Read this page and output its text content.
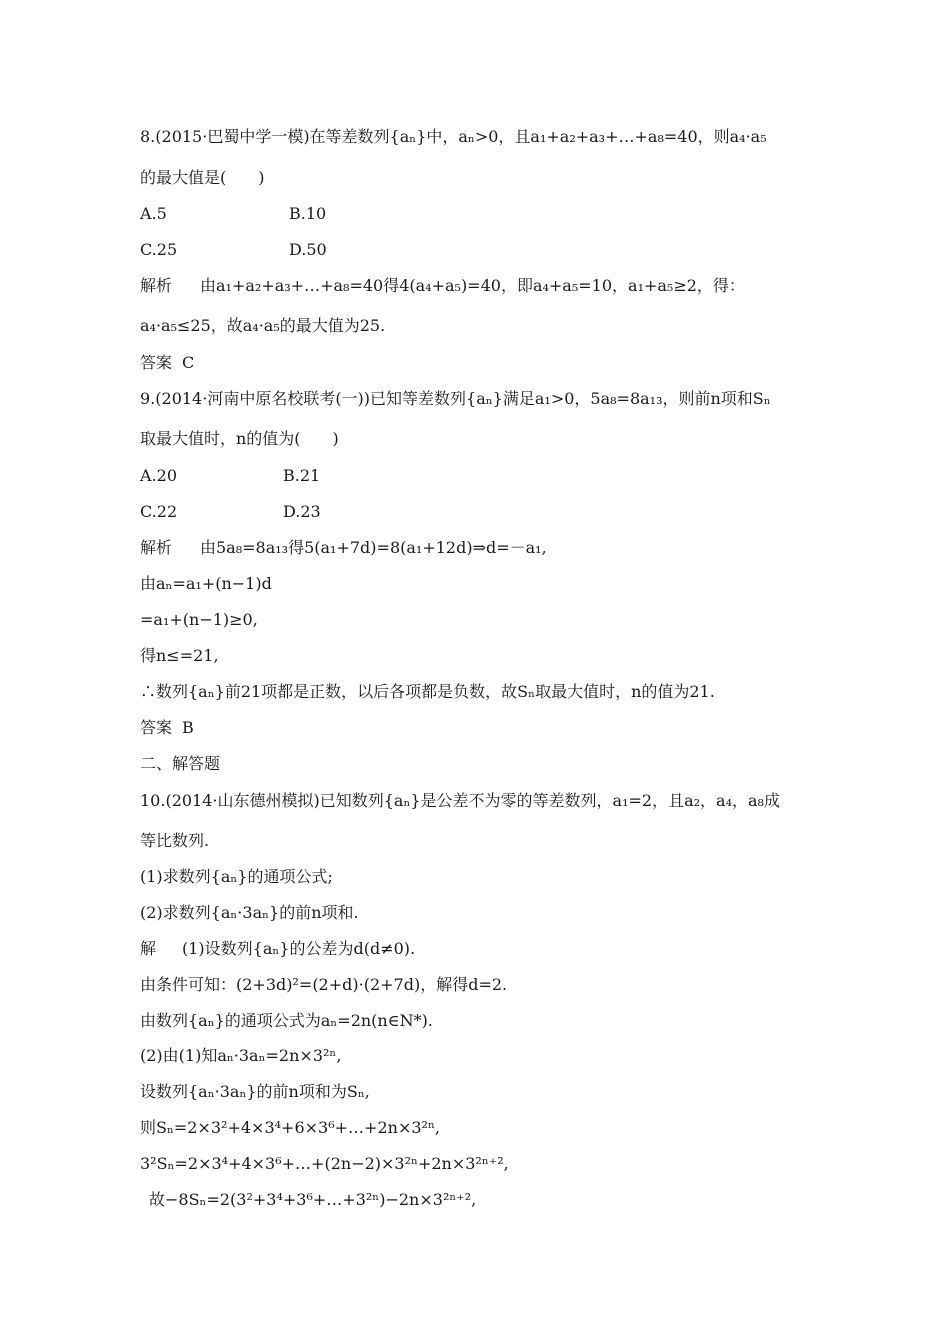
8.(2015·巴蜀中学一模)在等差数列{aₙ}中，aₙ>0，且a₁+a₂+a₃+…+a₈=40，则a₄·a₅
的最大值是(　　)
A.5	B.10
C.25	D.50
解析 由a₁+a₂+a₃+…+a₈=40得4(a₄+a₅)=40，即a₄+a₅=10，a₁+a₅≥2，得：
a₄·a₅≤25，故a₄·a₅的最大值为25.
答案 C
9.(2014·河南中原名校联考(一))已知等差数列{aₙ}满足a₁>0，5a₈=8a₁₃，则前n项和Sₙ
取最大值时，n的值为(　　)
A.20	B.21
C.22	D.23
解析 由5a₈=8a₁₃得5(a₁+7d)=8(a₁+12d)⇒d=－a₁,
由aₙ=a₁+(n−1)d
=a₁+(n−1)≥0,
得n≤=21,
∴数列{aₙ}前21项都是正数，以后各项都是负数，故Sₙ取最大值时，n的值为21.
答案 B
二、解答题
10.(2014·山东德州模拟)已知数列{aₙ}是公差不为零的等差数列，a₁=2，且a₂，a₄，a₈成
等比数列.
(1)求数列{aₙ}的通项公式;
(2)求数列{aₙ·3aₙ}的前n项和.
解 (1)设数列{aₙ}的公差为d(d≠0).
由条件可知：(2+3d)²=(2+d)·(2+7d)，解得d=2.
由数列{aₙ}的通项公式为aₙ=2n(n∈N*).
(2)由(1)知aₙ·3aₙ=2n×3²ⁿ,
设数列{aₙ·3aₙ}的前n项和为Sₙ,
则Sₙ=2×3²+4×3⁴+6×3⁶+…+2n×3²ⁿ,
3²Sₙ=2×3⁴+4×3⁶+…+(2n−2)×3²ⁿ+2n×3²ⁿ⁺²,
故−8Sₙ=2(3²+3⁴+3⁶+…+3²ⁿ)−2n×3²ⁿ⁺²,
